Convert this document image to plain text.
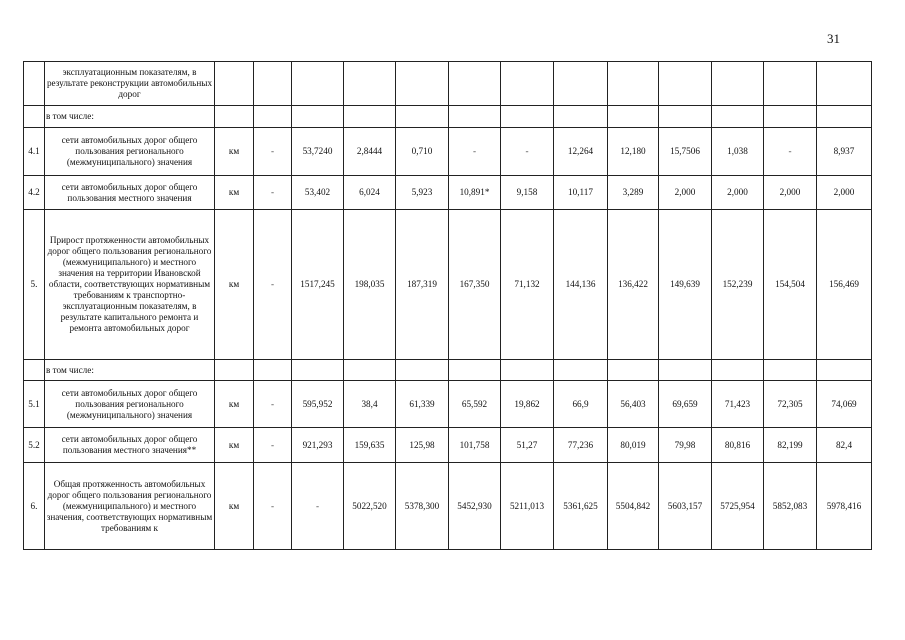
31
	эксплуатационным показателям, в результате реконструкции автомобильных дорог													
	в том числе:													
4.1	сети автомобильных дорог общего пользования регионального (межмуниципального) значения	км	-	53,7240	2,8444	0,710	-	-	12,264	12,180	15,7506	1,038	-	8,937
4.2	сети автомобильных дорог общего пользования местного значения	км	-	53,402	6,024	5,923	10,891*	9,158	10,117	3,289	2,000	2,000	2,000	2,000
5.	Прирост протяженности автомобильных дорог общего пользования регионального (межмуниципального) и местного значения на территории Ивановской области, соответствующих нормативным требованиям к транспортно-эксплуатационным показателям, в результате капитального ремонта и ремонта автомобильных дорог	км	-	1517,245	198,035	187,319	167,350	71,132	144,136	136,422	149,639	152,239	154,504	156,469
	в том числе:													
5.1	сети автомобильных дорог общего пользования регионального (межмуниципального) значения	км	-	595,952	38,4	61,339	65,592	19,862	66,9	56,403	69,659	71,423	72,305	74,069
5.2	сети автомобильных дорог общего пользования местного значения**	км	-	921,293	159,635	125,98	101,758	51,27	77,236	80,019	79,98	80,816	82,199	82,4
6.	Общая протяженность автомобильных дорог общего пользования регионального (межмуниципального) и местного значения, соответствующих нормативным требованиям к	км	-	-	5022,520	5378,300	5452,930	5211,013	5361,625	5504,842	5603,157	5725,954	5852,083	5978,416
